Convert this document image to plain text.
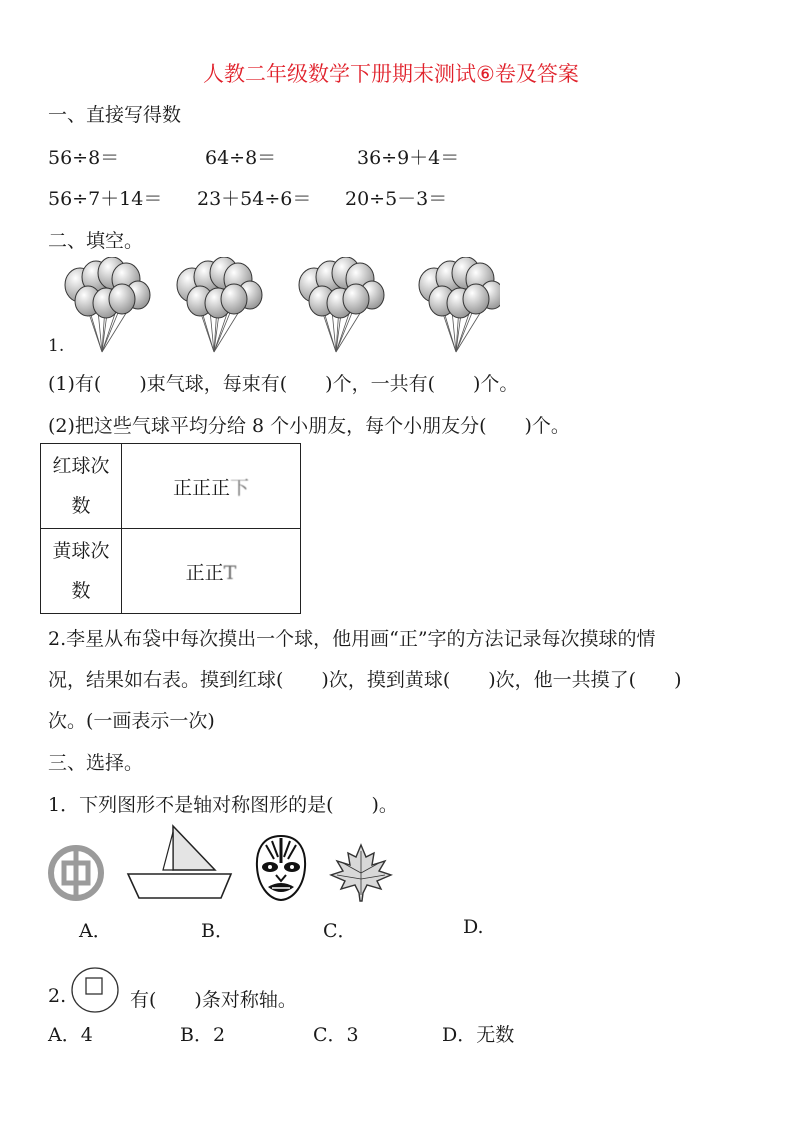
人教二年级数学下册期末测试⑥卷及答案
一、直接写得数
56÷8＝	64÷8＝	36÷9＋4＝
56÷7＋14＝ 23＋54÷6＝ 20÷5－3＝
二、填空。
1.
(1)有(　　)束气球，每束有(　　)个，一共有(　　)个。
(2)把这些气球平均分给 8 个小朋友，每个小朋友分(　　)个。
红球次
数	正正正下
黄球次
数	正正T
2.李星从布袋中每次摸出一个球，他用画“正”字的方法记录每次摸球的情
况，结果如右表。摸到红球(　　)次，摸到黄球(　　)次，他一共摸了(　　)
次。(一画表示一次)
三、选择。
1．下列图形不是轴对称图形的是(　　)。
A．	B．	C．	D.
2.	有(　　)条对称轴。
A．4	B．2	C．3	D．无数
